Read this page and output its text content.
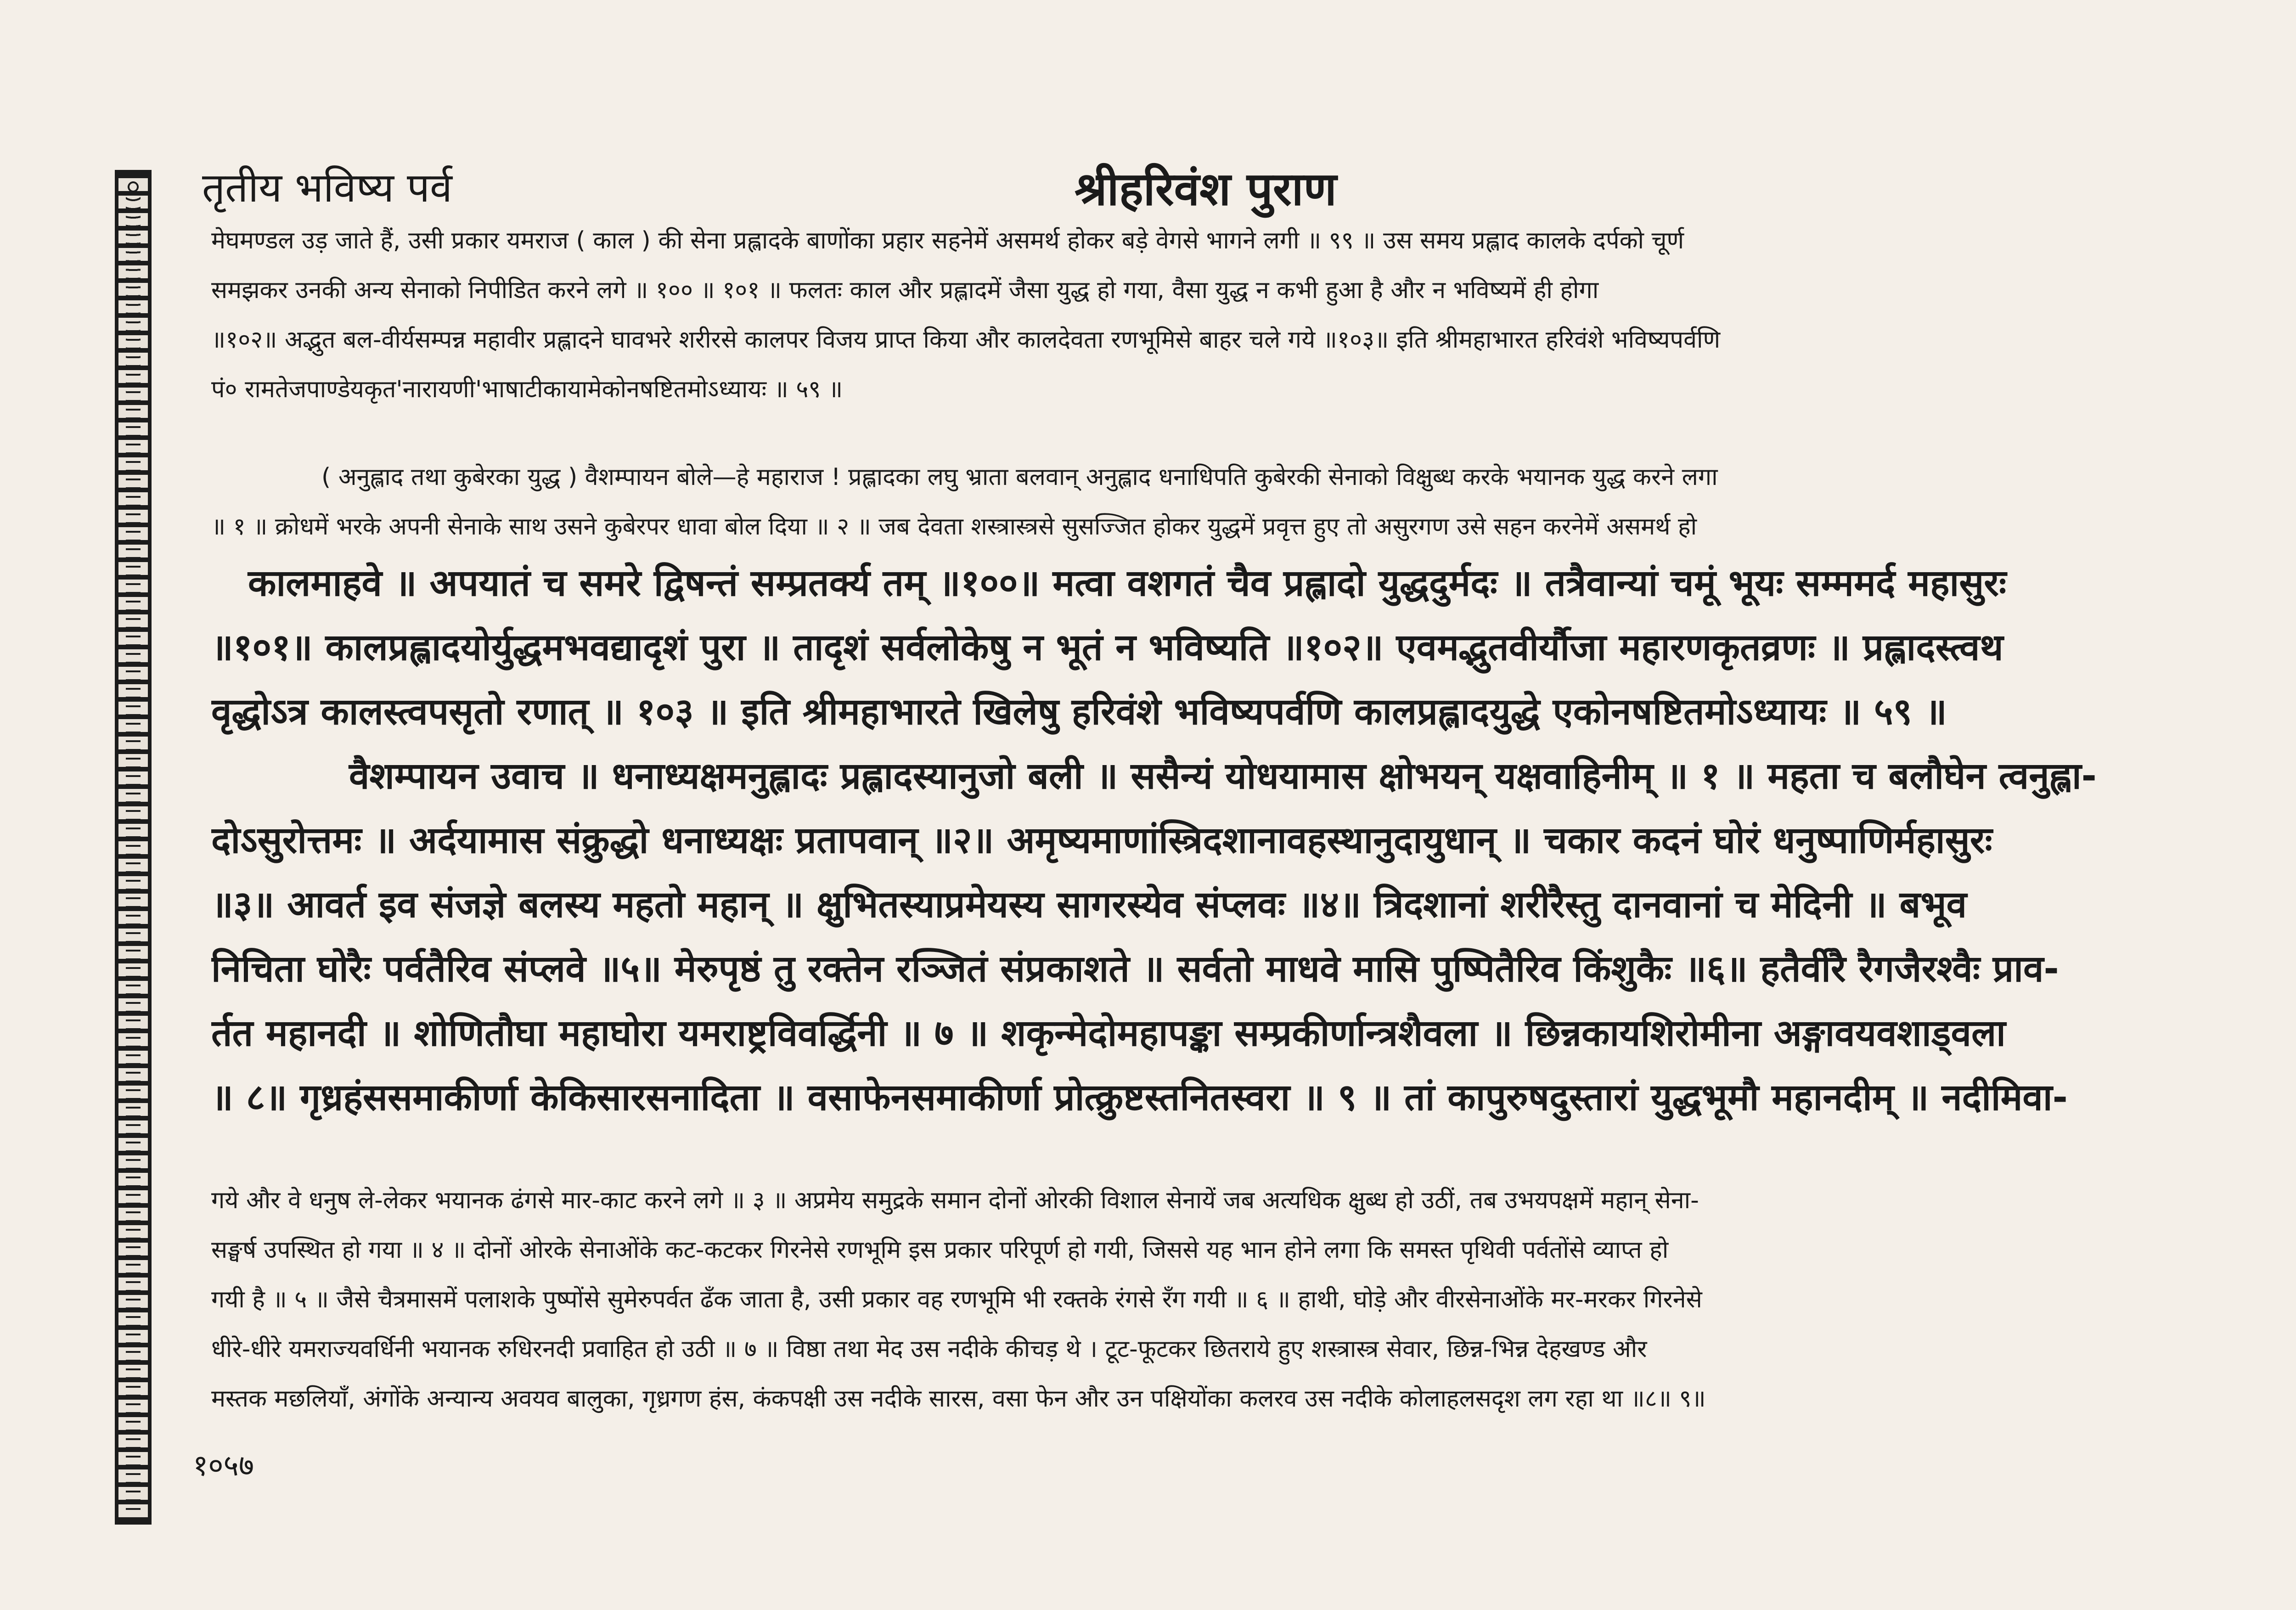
तृतीय भविष्य पर्व	श्रीहरिवंश पुराण
मेघमण्डल उड़ जाते हैं, उसी प्रकार यमराज ( काल ) की सेना प्रह्लादके बाणोंका प्रहार सहनेमें असमर्थ होकर बड़े वेगसे भागने लगी ॥ ९९ ॥ उस समय प्रह्लाद कालके दर्पको चूर्ण
समझकर उनकी अन्य सेनाको निपीडित करने लगे ॥ १०० ॥ १०१ ॥ फलतः काल और प्रह्लादमें जैसा युद्ध हो गया, वैसा युद्ध न कभी हुआ है और न भविष्यमें ही होगा
॥१०२॥ अद्भुत बल-वीर्यसम्पन्न महावीर प्रह्लादने घावभरे शरीरसे कालपर विजय प्राप्त किया और कालदेवता रणभूमिसे बाहर चले गये ॥१०३॥ इति श्रीमहाभारत हरिवंशे भविष्यपर्वणि
पं० रामतेजपाण्डेयकृत'नारायणी'भाषाटीकायामेकोनषष्टितमोऽध्यायः ॥ ५९ ॥
( अनुह्लाद तथा कुबेरका युद्ध ) वैशम्पायन बोले—हे महाराज ! प्रह्लादका लघु भ्राता बलवान् अनुह्लाद धनाधिपति कुबेरकी सेनाको विक्षुब्ध करके भयानक युद्ध करने लगा
॥ १ ॥ क्रोधमें भरके अपनी सेनाके साथ उसने कुबेरपर धावा बोल दिया ॥ २ ॥ जब देवता शस्त्रास्त्रसे सुसज्जित होकर युद्धमें प्रवृत्त हुए तो असुरगण उसे सहन करनेमें असमर्थ हो
कालमाहवे ॥ अपयातं च समरे द्विषन्तं सम्प्रतर्क्य तम् ॥१००॥ मत्वा वशगतं चैव प्रह्लादो युद्धदुर्मदः ॥ तत्रैवान्यां चमूं भूयः सम्ममर्द महासुरः
॥१०१॥ कालप्रह्लादयोर्युद्धमभवद्यादृशं पुरा ॥ तादृशं सर्वलोकेषु न भूतं न भविष्यति ॥१०२॥ एवमद्भुतवीर्यौजा महारणकृतव्रणः ॥ प्रह्लादस्त्वथ
वृद्धोऽत्र कालस्त्वपसृतो रणात् ॥ १०३ ॥ इति श्रीमहाभारते खिलेषु हरिवंशे भविष्यपर्वणि कालप्रह्लादयुद्धे एकोनषष्टितमोऽध्यायः ॥ ५९ ॥
वैशम्पायन उवाच ॥ धनाध्यक्षमनुह्लादः प्रह्लादस्यानुजो बली ॥ ससैन्यं योधयामास क्षोभयन् यक्षवाहिनीम् ॥ १ ॥ महता च बलौघेन त्वनुह्ला-
दोऽसुरोत्तमः ॥ अर्दयामास संक्रुद्धो धनाध्यक्षः प्रतापवान् ॥२॥ अमृष्यमाणांस्त्रिदशानावहस्थानुदायुधान् ॥ चकार कदनं घोरं धनुष्पाणिर्महासुरः
॥३॥ आवर्त इव संजज्ञे बलस्य महतो महान् ॥ क्षुभितस्याप्रमेयस्य सागरस्येव संप्लवः ॥४॥ त्रिदशानां शरीरैस्तु दानवानां च मेदिनी ॥ बभूव
निचिता घोरैः पर्वतैरिव संप्लवे ॥५॥ मेरुपृष्ठं तु रक्तेन रञ्जितं संप्रकाशते ॥ सर्वतो माधवे मासि पुष्पितैरिव किंशुकैः ॥६॥ हतैर्वीरै रैगजैरश्वैः प्राव-
र्तत महानदी ॥ शोणितौघा महाघोरा यमराष्ट्रविवर्द्धिनी ॥ ७ ॥ शकृन्मेदोमहापङ्का सम्प्रकीर्णान्त्रशैवला ॥ छिन्नकायशिरोमीना अङ्गावयवशाड्वला
॥ ८॥ गृध्रहंससमाकीर्णा केकिसारसनादिता ॥ वसाफेनसमाकीर्णा प्रोत्क्रुष्टस्तनितस्वरा ॥ ९ ॥ तां कापुरुषदुस्तारां युद्धभूमौ महानदीम् ॥ नदीमिवा-
गये और वे धनुष ले-लेकर भयानक ढंगसे मार-काट करने लगे ॥ ३ ॥ अप्रमेय समुद्रके समान दोनों ओरकी विशाल सेनायें जब अत्यधिक क्षुब्ध हो उठीं, तब उभयपक्षमें महान् सेना-
सङ्घर्ष उपस्थित हो गया ॥ ४ ॥ दोनों ओरके सेनाओंके कट-कटकर गिरनेसे रणभूमि इस प्रकार परिपूर्ण हो गयी, जिससे यह भान होने लगा कि समस्त पृथिवी पर्वतोंसे व्याप्त हो
गयी है ॥ ५ ॥ जैसे चैत्रमासमें पलाशके पुष्पोंसे सुमेरुपर्वत ढँक जाता है, उसी प्रकार वह रणभूमि भी रक्तके रंगसे रँग गयी ॥ ६ ॥ हाथी, घोड़े और वीरसेनाओंके मर-मरकर गिरनेसे
धीरे-धीरे यमराज्यवर्धिनी भयानक रुधिरनदी प्रवाहित हो उठी ॥ ७ ॥ विष्ठा तथा मेद उस नदीके कीचड़ थे । टूट-फूटकर छितराये हुए शस्त्रास्त्र सेवार, छिन्न-भिन्न देहखण्ड और
मस्तक मछलियाँ, अंगोंके अन्यान्य अवयव बालुका, गृध्रगण हंस, कंकपक्षी उस नदीके सारस, वसा फेन और उन पक्षियोंका कलरव उस नदीके कोलाहलसदृश लग रहा था ॥८॥ ९॥
१०५७
